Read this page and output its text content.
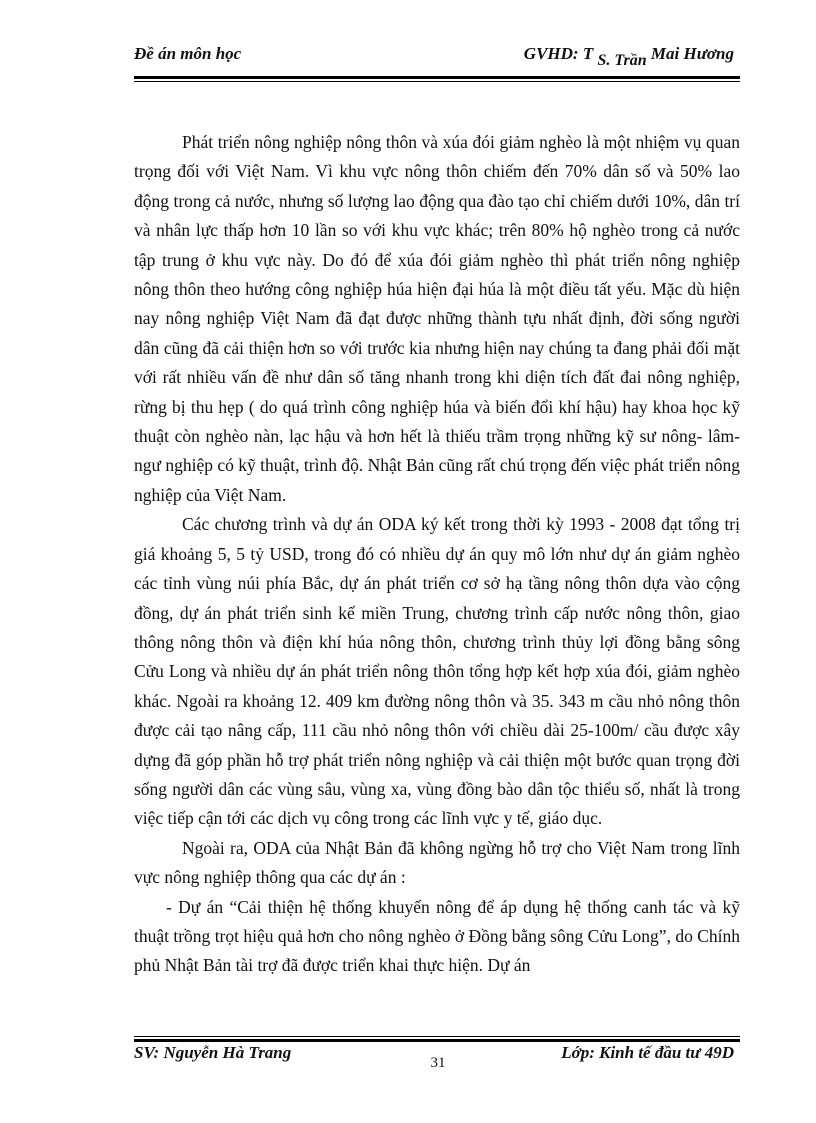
Đề án môn học	GVHD: T S. Trần Mai Hương

Phát triển nông nghiệp nông thôn và xúa đói giảm nghèo là một nhiệm vụ quan trọng đối với Việt Nam. Vì khu vực nông thôn chiếm đến 70% dân số và 50% lao động trong cả nước, nhưng số lượng lao động qua đào tạo chỉ chiếm dưới 10%, dân trí và nhân lực thấp hơn 10 lần so với khu vực khác; trên 80% hộ nghèo trong cả nước tập trung ở khu vực này. Do đó để xúa đói giảm nghèo thì phát triển nông nghiệp nông thôn theo hướng công nghiệp húa hiện đại húa là một điều tất yếu. Mặc dù hiện nay nông nghiệp Việt Nam đã đạt được những thành tựu nhất định, đời sống người dân cũng đã cải thiện hơn so với trước kia nhưng hiện nay chúng ta đang phải đối mặt với rất nhiều vấn đề như dân số tăng nhanh trong khi diện tích đất đai nông nghiệp, rừng bị thu hẹp ( do quá trình công nghiệp húa và biến đổi khí hậu) hay khoa học kỹ thuật còn nghèo nàn, lạc hậu và hơn hết là thiếu trầm trọng những kỹ sư nông- lâm- ngư nghiệp có kỹ thuật, trình độ. Nhật Bản cũng rất chú trọng đến việc phát triển nông nghiệp của Việt Nam.

Các chương trình và dự án ODA ký kết trong thời kỳ 1993 - 2008 đạt tổng trị giá khoảng 5, 5 tỷ USD, trong đó có nhiều dự án quy mô lớn như dự án giảm nghèo các tỉnh vùng núi phía Bắc, dự án phát triển cơ sở hạ tầng nông thôn dựa vào cộng đồng, dự án phát triển sinh kế miền Trung, chương trình cấp nước nông thôn, giao thông nông thôn và điện khí húa nông thôn, chương trình thủy lợi đồng bằng sông Cửu Long và nhiều dự án phát triển nông thôn tổng hợp kết hợp xúa đói, giảm nghèo khác. Ngoài ra khoảng 12. 409 km đường nông thôn và 35. 343 m cầu nhỏ nông thôn được cải tạo nâng cấp, 111 cầu nhỏ nông thôn với chiều dài 25-100m/ cầu được xây dựng đã góp phần hỗ trợ phát triển nông nghiệp và cải thiện một bước quan trọng đời sống người dân các vùng sâu, vùng xa, vùng đồng bào dân tộc thiểu số, nhất là trong việc tiếp cận tới các dịch vụ công trong các lĩnh vực y tế, giáo dục.

Ngoài ra, ODA của Nhật Bản đã không ngừng hỗ trợ cho Việt Nam trong lĩnh vực nông nghiệp thông qua các dự án :

- Dự án “Cải thiện hệ thống khuyến nông để áp dụng hệ thống canh tác và kỹ thuật trồng trọt hiệu quả hơn cho nông nghèo ở Đồng bằng sông Cửu Long”, do Chính phủ Nhật Bản tài trợ đã được triển khai thực hiện. Dự án

SV: Nguyễn Hà Trang	Lớp: Kinh tế đầu tư 49D
31
